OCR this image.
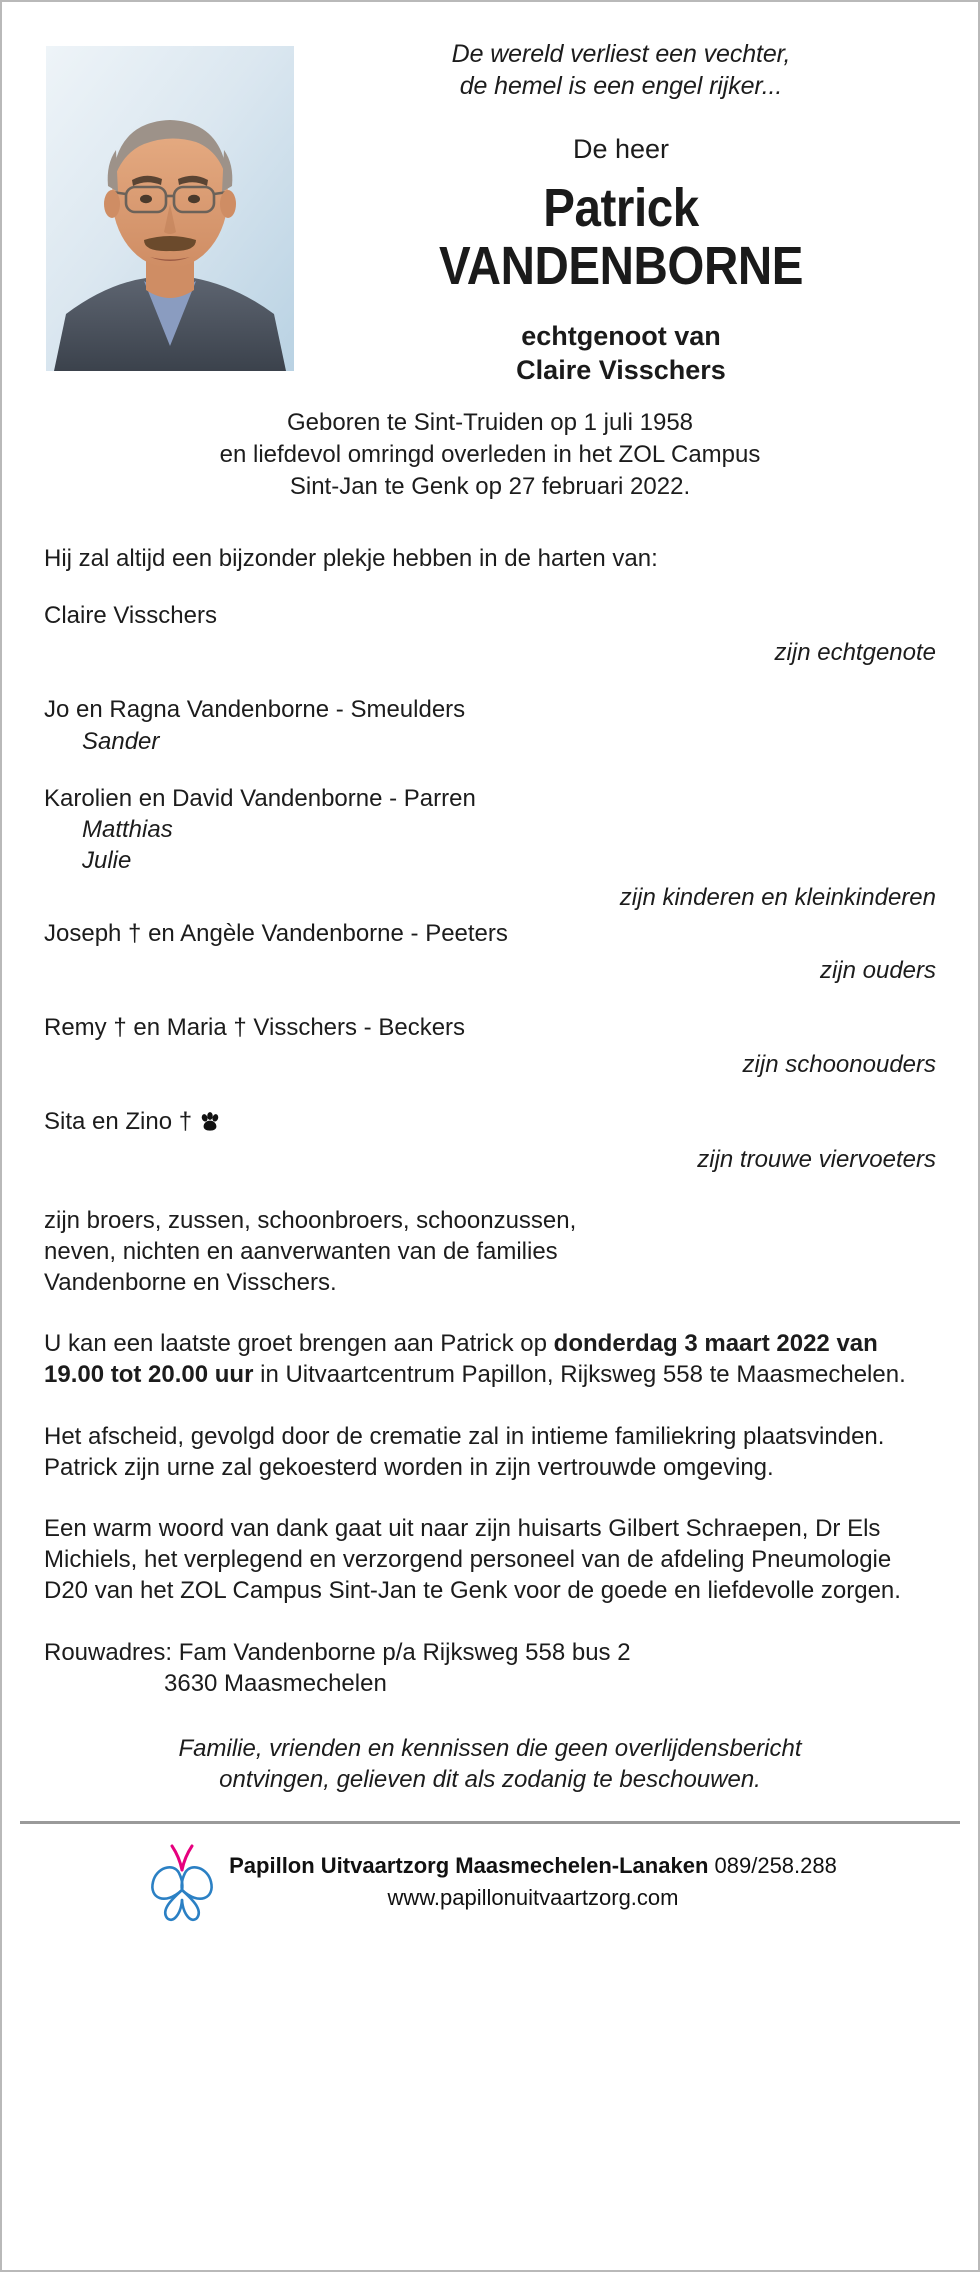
De wereld verliest een vechter,
de hemel is een engel rijker...
De heer
Patrick
VANDENBORNE
echtgenoot van
Claire Visschers
Geboren te Sint-Truiden op 1 juli 1958
en liefdevol omringd overleden in het ZOL Campus
Sint-Jan te Genk op 27 februari 2022.
Hij zal altijd een bijzonder plekje hebben in de harten van:
Claire Visschers
zijn echtgenote
Jo en Ragna Vandenborne - Smeulders
Sander
Karolien en David Vandenborne - Parren
Matthias
Julie
zijn kinderen en kleinkinderen
Joseph † en Angèle Vandenborne - Peeters
zijn ouders
Remy † en Maria † Visschers - Beckers
zijn schoonouders
Sita en Zino †
zijn trouwe viervoeters
zijn broers, zussen, schoonbroers, schoonzussen,
neven, nichten en aanverwanten van de families
Vandenborne en Visschers.
U kan een laatste groet brengen aan Patrick op donderdag 3 maart 2022 van 19.00 tot 20.00 uur in Uitvaartcentrum Papillon, Rijksweg 558 te Maasmechelen.
Het afscheid, gevolgd door de crematie zal in intieme familiekring plaatsvinden. Patrick zijn urne zal gekoesterd worden in zijn vertrouwde omgeving.
Een warm woord van dank gaat uit naar zijn huisarts Gilbert Schraepen, Dr Els Michiels, het verplegend en verzorgend personeel van de afdeling Pneumologie D20 van het ZOL Campus Sint-Jan te Genk voor de goede en liefdevolle zorgen.
Rouwadres: Fam Vandenborne p/a Rijksweg 558 bus 2
3630 Maasmechelen
Familie, vrienden en kennissen die geen overlijdensbericht
ontvingen, gelieven dit als zodanig te beschouwen.
Papillon Uitvaartzorg Maasmechelen-Lanaken 089/258.288
www.papillonuitvaartzorg.com
